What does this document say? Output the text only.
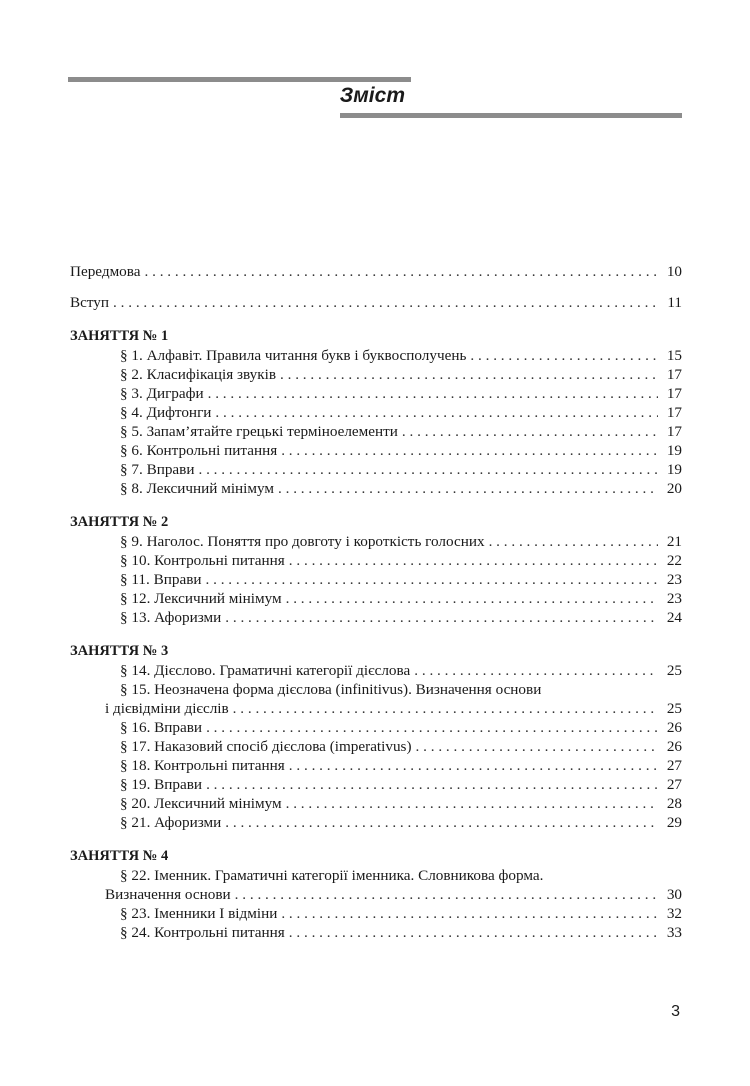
Зміст
Передмова . . .	10
Вступ . . .	11
ЗАНЯТТЯ № 1
§ 1. Алфавіт. Правила читання букв і буквосполучень . . .	15
§ 2. Класифікація звуків . . .	17
§ 3. Диграфи . . .	17
§ 4. Дифтонги . . .	17
§ 5. Запам’ятайте грецькі терміноелементи . . .	17
§ 6. Контрольні питання . . .	19
§ 7. Вправи . . .	19
§ 8. Лексичний мінімум . . .	20
ЗАНЯТТЯ № 2
§ 9. Наголос. Поняття про довготу і короткість голосних . . .	21
§ 10. Контрольні питання . . .	22
§ 11. Вправи . . .	23
§ 12. Лексичний мінімум . . .	23
§ 13. Афоризми . . .	24
ЗАНЯТТЯ № 3
§ 14. Дієслово. Граматичні категорії дієслова . . .	25
§ 15. Неозначена форма дієслова (infinitivus). Визначення основи
і дієвідміни дієслів . . .	25
§ 16. Вправи . . .	26
§ 17. Наказовий спосіб дієслова (imperativus) . . .	26
§ 18. Контрольні питання . . .	27
§ 19. Вправи . . .	27
§ 20. Лексичний мінімум . . .	28
§ 21. Афоризми . . .	29
ЗАНЯТТЯ № 4
§ 22. Іменник. Граматичні категорії іменника. Словникова форма.
Визначення основи . . .	30
§ 23. Іменники I відміни . . .	32
§ 24. Контрольні питання . . .	33
3
